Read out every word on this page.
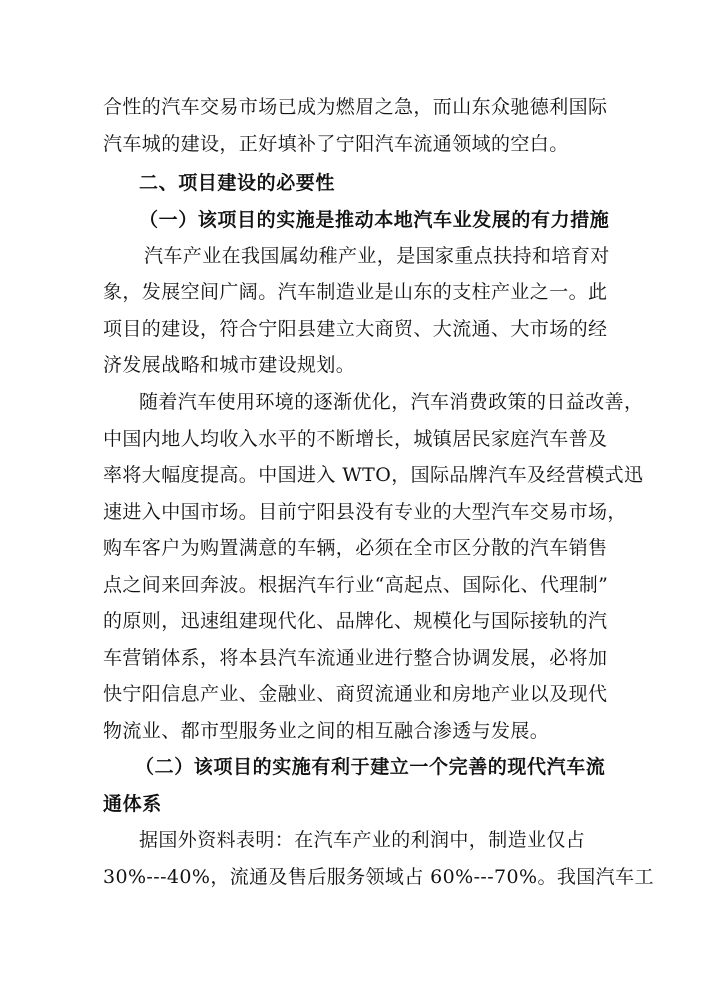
合性的汽车交易市场已成为燃眉之急，而山东众驰德利国际
汽车城的建设，正好填补了宁阳汽车流通领域的空白。
二、项目建设的必要性
（一）该项目的实施是推动本地汽车业发展的有力措施
汽车产业在我国属幼稚产业，是国家重点扶持和培育对
象，发展空间广阔。汽车制造业是山东的支柱产业之一。此
项目的建设，符合宁阳县建立大商贸、大流通、大市场的经
济发展战略和城市建设规划。
随着汽车使用环境的逐渐优化，汽车消费政策的日益改善，
中国内地人均收入水平的不断增长，城镇居民家庭汽车普及
率将大幅度提高。中国进入 WTO，国际品牌汽车及经营模式迅
速进入中国市场。目前宁阳县没有专业的大型汽车交易市场，
购车客户为购置满意的车辆，必须在全市区分散的汽车销售
点之间来回奔波。根据汽车行业“高起点、国际化、代理制”
的原则，迅速组建现代化、品牌化、规模化与国际接轨的汽
车营销体系，将本县汽车流通业进行整合协调发展，必将加
快宁阳信息产业、金融业、商贸流通业和房地产业以及现代
物流业、都市型服务业之间的相互融合渗透与发展。
（二）该项目的实施有利于建立一个完善的现代汽车流
通体系
据国外资料表明：在汽车产业的利润中，制造业仅占
30%---40%，流通及售后服务领域占 60%---70%。我国汽车工
